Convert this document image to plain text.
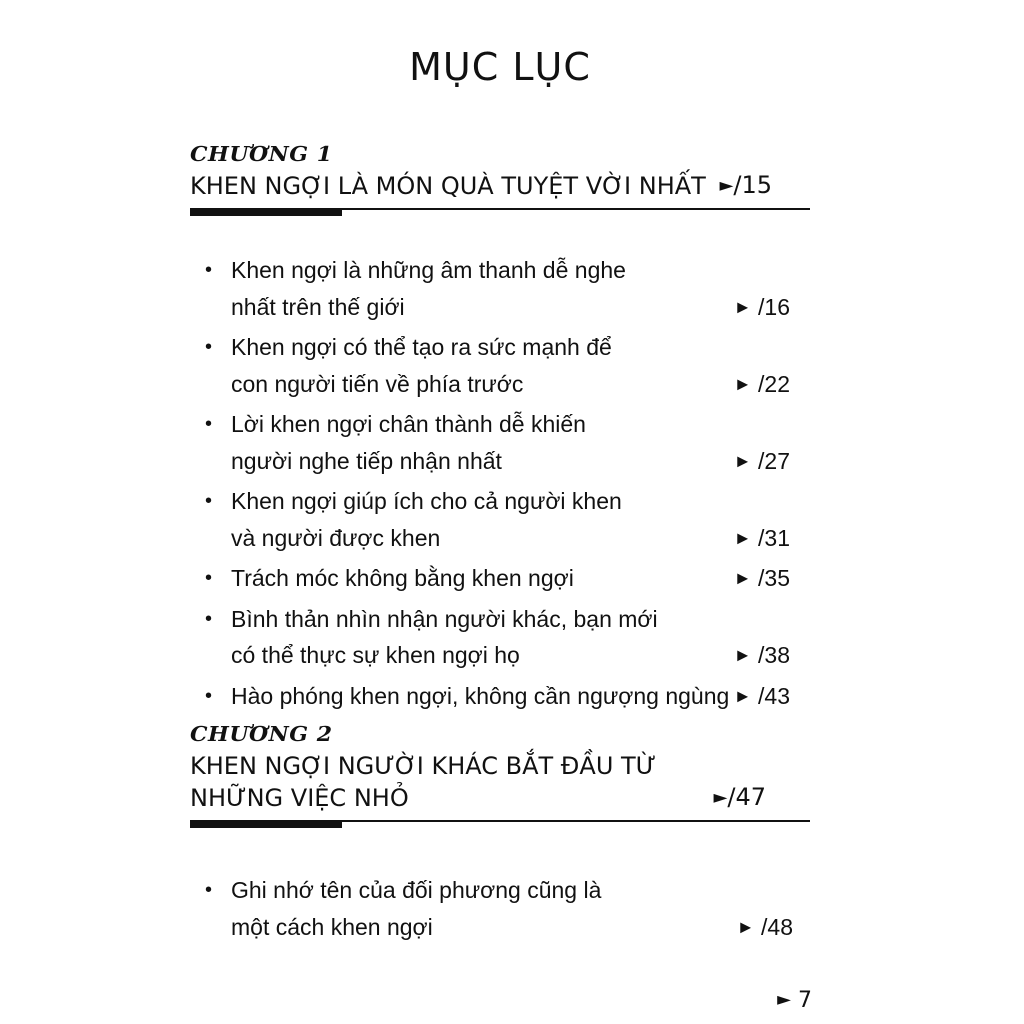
MỤC LỤC
CHƯƠNG 1
KHEN NGỢI LÀ MÓN QUÀ TUYỆT VỜI NHẤT ►/15
• Khen ngợi là những âm thanh dễ nghe
nhất trên thế giới	► /16
• Khen ngợi có thể tạo ra sức mạnh để
con người tiến về phía trước	► /22
• Lời khen ngợi chân thành dễ khiến
người nghe tiếp nhận nhất	► /27
• Khen ngợi giúp ích cho cả người khen
và người được khen	► /31
• Trách móc không bằng khen ngợi	► /35
• Bình thản nhìn nhận người khác, bạn mới
có thể thực sự khen ngợi họ	► /38
• Hào phóng khen ngợi, không cần ngượng ngùng ► /43
CHƯƠNG 2
KHEN NGỢI NGƯỜI KHÁC BẮT ĐẦU TỪ
NHỮNG VIỆC NHỎ	►/47
• Ghi nhớ tên của đối phương cũng là
một cách khen ngợi	► /48
► 7
